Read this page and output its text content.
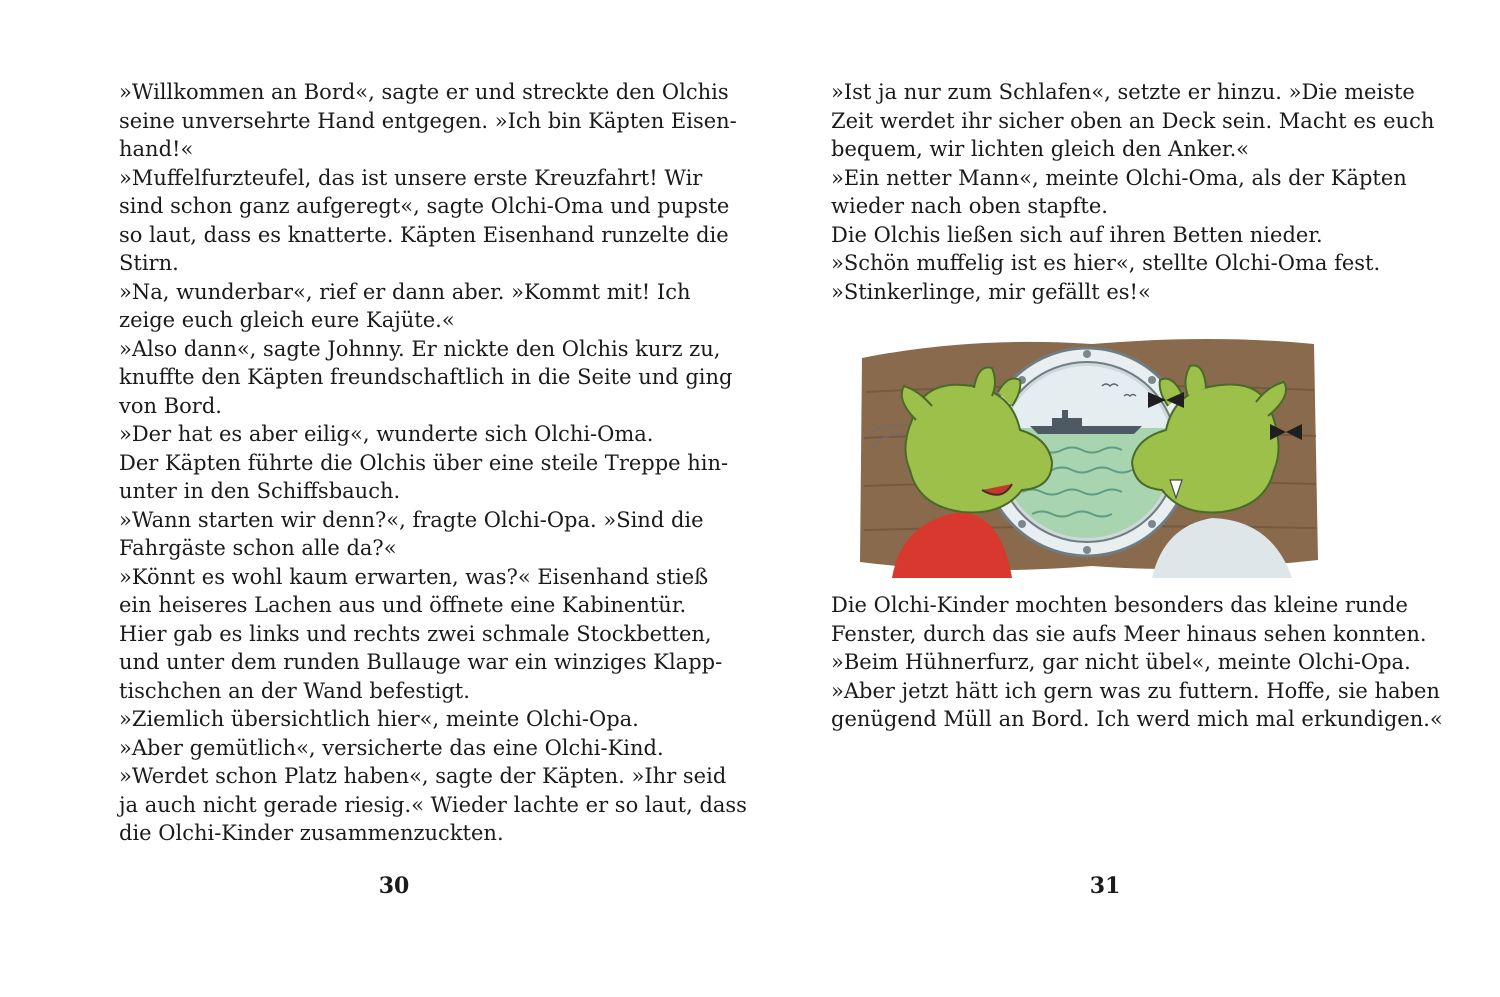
»Willkommen an Bord«, sagte er und streckte den Olchis
seine unversehrte Hand entgegen. »Ich bin Käpten Eisen-
hand!«
»Muffelfurzteufel, das ist unsere erste Kreuzfahrt! Wir
sind schon ganz aufgeregt«, sagte Olchi-Oma und pupste
so laut, dass es knatterte. Käpten Eisenhand runzelte die
Stirn.
»Na, wunderbar«, rief er dann aber. »Kommt mit! Ich
zeige euch gleich eure Kajüte.«
»Also dann«, sagte Johnny. Er nickte den Olchis kurz zu,
knuffte den Käpten freundschaftlich in die Seite und ging
von Bord.
»Der hat es aber eilig«, wunderte sich Olchi-Oma.
Der Käpten führte die Olchis über eine steile Treppe hin-
unter in den Schiffsbauch.
»Wann starten wir denn?«, fragte Olchi-Opa. »Sind die
Fahrgäste schon alle da?«
»Könnt es wohl kaum erwarten, was?« Eisenhand stieß
ein heiseres Lachen aus und öffnete eine Kabinentür.
Hier gab es links und rechts zwei schmale Stockbetten,
und unter dem runden Bullauge war ein winziges Klapp-
tischchen an der Wand befestigt.
»Ziemlich übersichtlich hier«, meinte Olchi-Opa.
»Aber gemütlich«, versicherte das eine Olchi-Kind.
»Werdet schon Platz haben«, sagte der Käpten. »Ihr seid
ja auch nicht gerade riesig.« Wieder lachte er so laut, dass
die Olchi-Kinder zusammenzuckten.
30
»Ist ja nur zum Schlafen«, setzte er hinzu. »Die meiste
Zeit werdet ihr sicher oben an Deck sein. Macht es euch
bequem, wir lichten gleich den Anker.«
»Ein netter Mann«, meinte Olchi-Oma, als der Käpten
wieder nach oben stapfte.
Die Olchis ließen sich auf ihren Betten nieder.
»Schön muffelig ist es hier«, stellte Olchi-Oma fest.
»Stinkerlinge, mir gefällt es!«
Die Olchi-Kinder mochten besonders das kleine runde
Fenster, durch das sie aufs Meer hinaus sehen konnten.
»Beim Hühnerfurz, gar nicht übel«, meinte Olchi-Opa.
»Aber jetzt hätt ich gern was zu futtern. Hoffe, sie haben
genügend Müll an Bord. Ich werd mich mal erkundigen.«
31
